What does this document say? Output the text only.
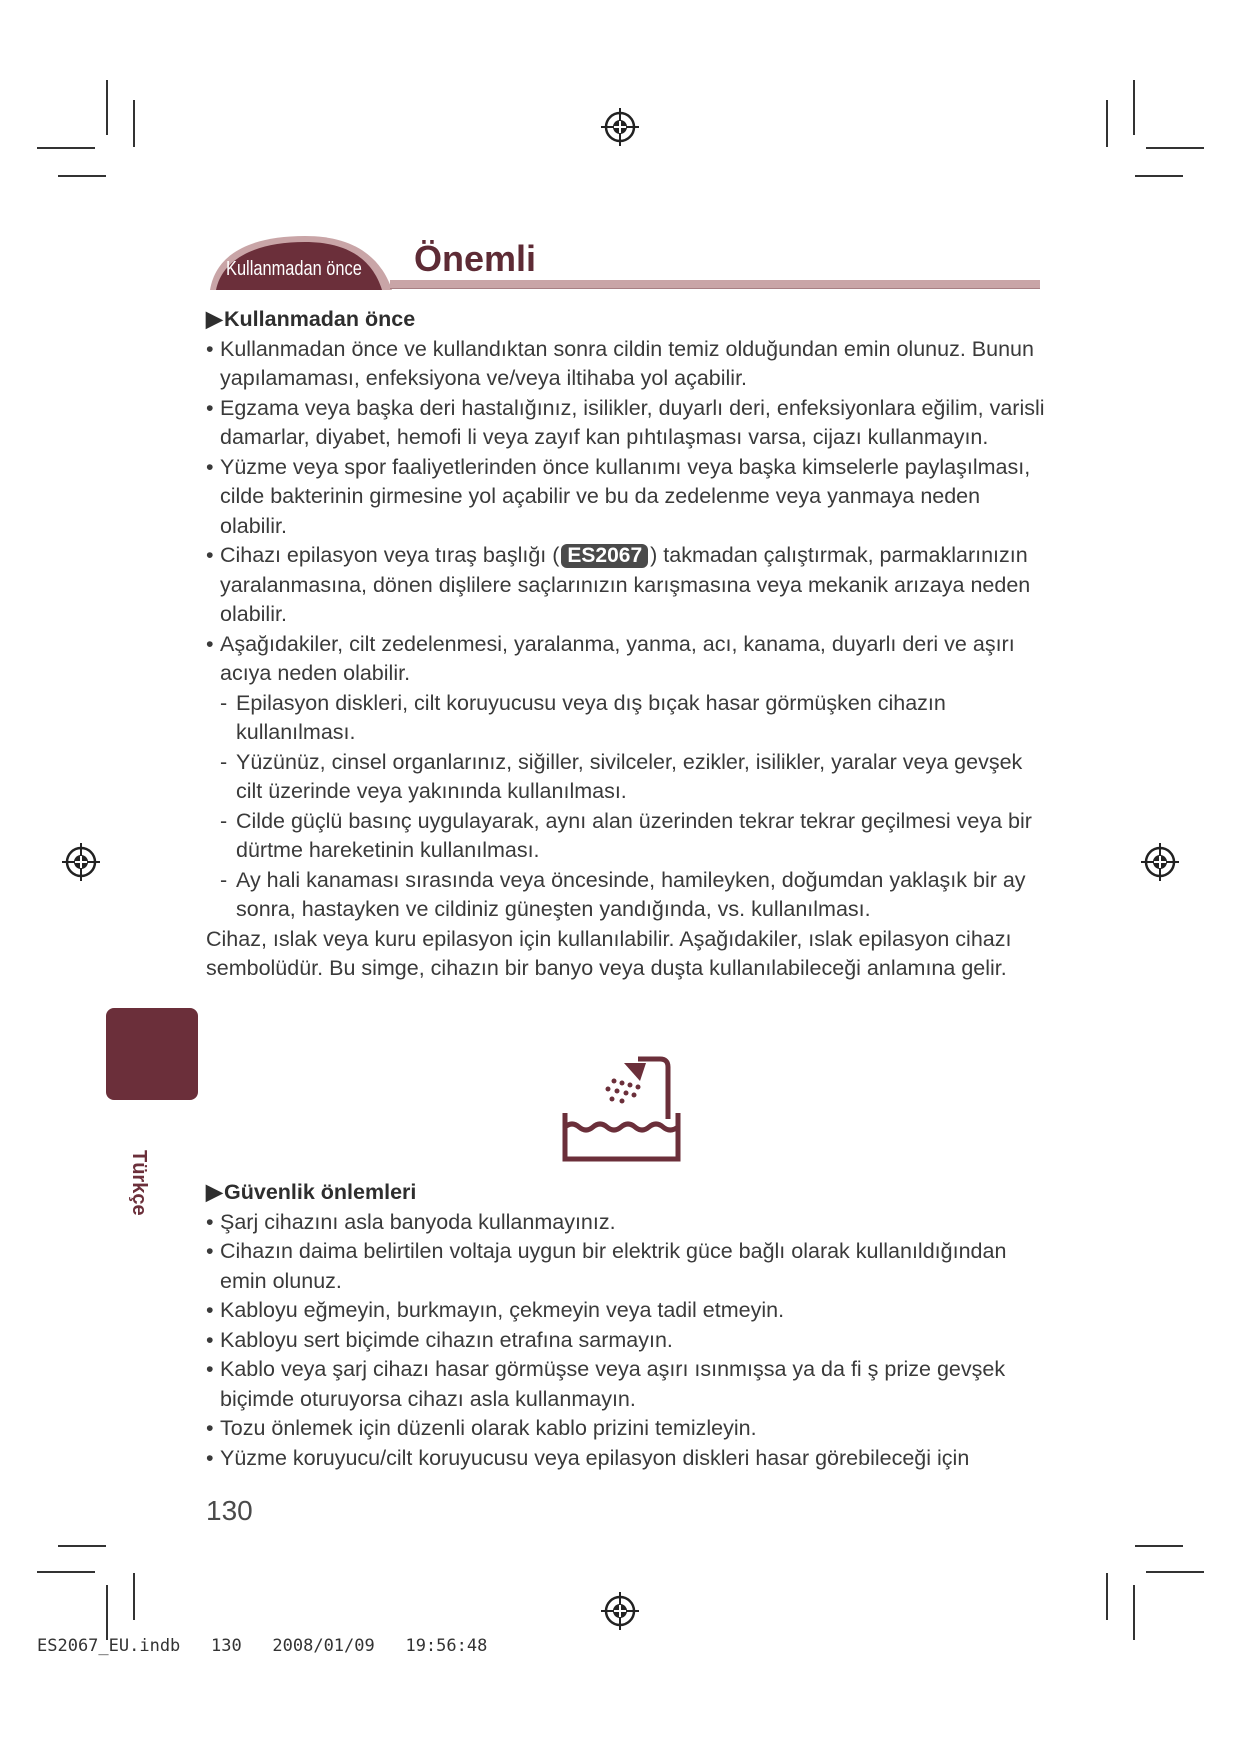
Kullanmadan önce Önemli

▶Kullanmadan önce

• Kullanmadan önce ve kullandıktan sonra cildin temiz olduğundan emin olunuz. Bunun yapılamaması, enfeksiyona ve/veya iltihaba yol açabilir.
• Egzama veya başka deri hastalığınız, isilikler, duyarlı deri, enfeksiyonlara eğilim, varisli damarlar, diyabet, hemofi li veya zayıf kan pıhtılaşması varsa, cijazı kullanmayın.
• Yüzme veya spor faaliyetlerinden önce kullanımı veya başka kimselerle paylaşılması, cilde bakterinin girmesine yol açabilir ve bu da zedelenme veya yanmaya neden olabilir.
• Cihazı epilasyon veya tıraş başlığı ( ES2067 ) takmadan çalıştırmak, parmaklarınızın yaralanmasına, dönen dişlilere saçlarınızın karışmasına veya mekanik arızaya neden olabilir.
• Aşağıdakiler, cilt zedelenmesi, yaralanma, yanma, acı, kanama, duyarlı deri ve aşırı acıya neden olabilir.
- Epilasyon diskleri, cilt koruyucusu veya dış bıçak hasar görmüşken cihazın kullanılması.
- Yüzünüz, cinsel organlarınız, siğiller, sivilceler, ezikler, isilikler, yaralar veya gevşek cilt üzerinde veya yakınında kullanılması.
- Cilde güçlü basınç uygulayarak, aynı alan üzerinden tekrar tekrar geçilmesi veya bir dürtme hareketinin kullanılması.
- Ay hali kanaması sırasında veya öncesinde, hamileyken, doğumdan yaklaşık bir ay sonra, hastayken ve cildiniz güneşten yandığında, vs. kullanılması.

Cihaz, ıslak veya kuru epilasyon için kullanılabilir. Aşağıdakiler, ıslak epilasyon cihazı sembolüdür. Bu simge, cihazın bir banyo veya duşta kullanılabileceği anlamına gelir.

▶Güvenlik önlemleri

• Şarj cihazını asla banyoda kullanmayınız.
• Cihazın daima belirtilen voltaja uygun bir elektrik güce bağlı olarak kullanıldığından emin olunuz.
• Kabloyu eğmeyin, burkmayın, çekmeyin veya tadil etmeyin.
• Kabloyu sert biçimde cihazın etrafına sarmayın.
• Kablo veya şarj cihazı hasar görmüşse veya aşırı ısınmışsa ya da fi ş prize gevşek biçimde oturuyorsa cihazı asla kullanmayın.
• Tozu önlemek için düzenli olarak kablo prizini temizleyin.
• Yüzme koruyucu/cilt koruyucusu veya epilasyon diskleri hasar görebileceği için
Türkçe
130
ES2067_EU.indb   130   2008/01/09   19:56:48
